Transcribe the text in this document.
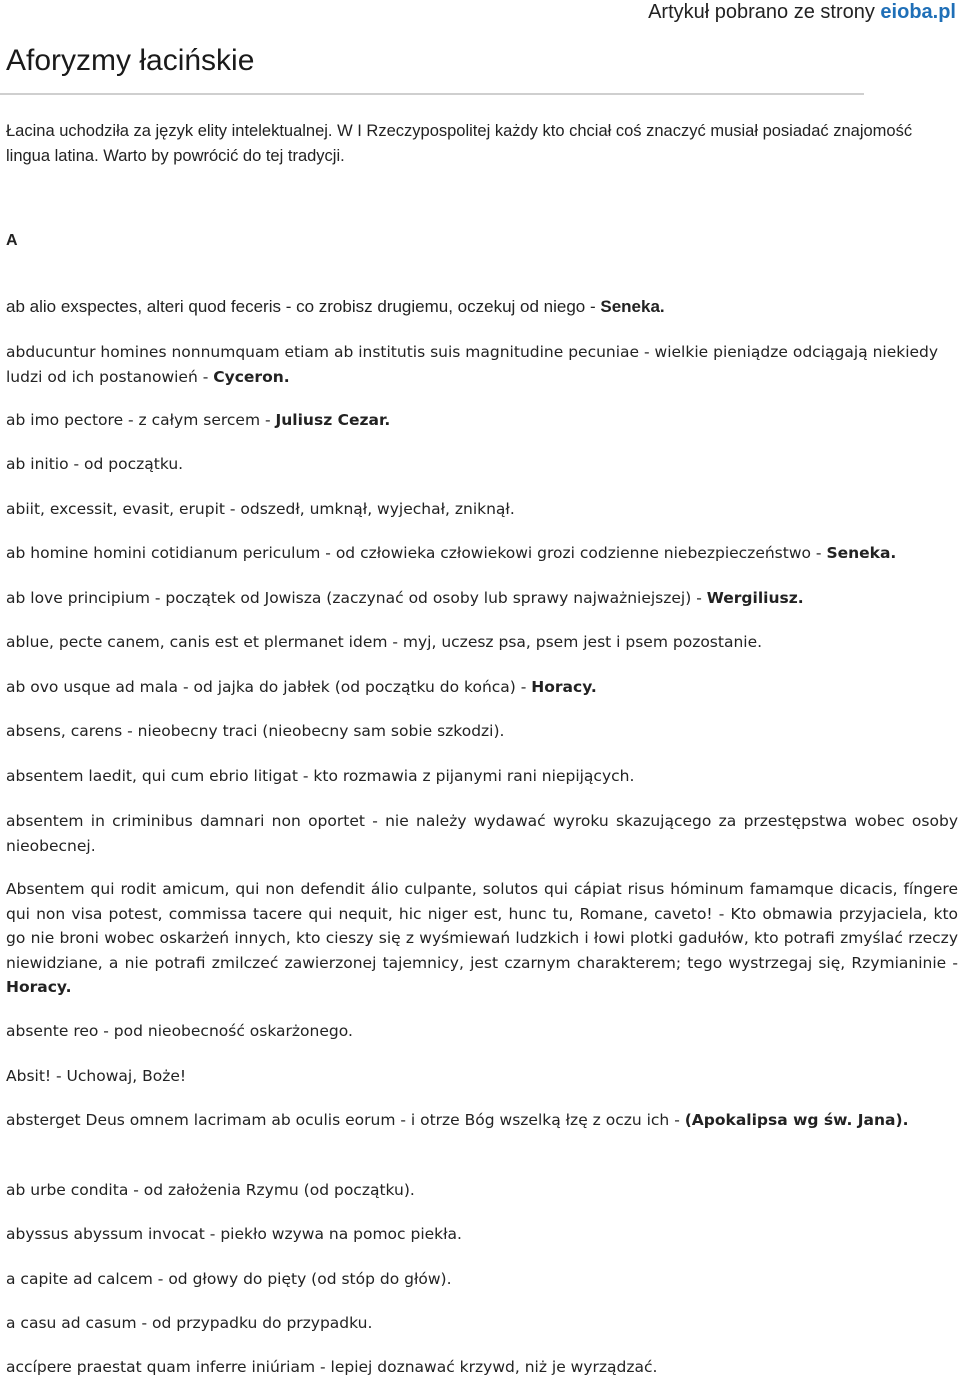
Artykuł pobrano ze strony eioba.pl
Aforyzmy łacińskie

Łacina uchodziła za język elity intelektualnej. W I Rzeczypospolitej każdy kto chciał coś znaczyć musiał posiadać znajomość lingua latina. Warto by powrócić do tej tradycji.

A

ab alio exspectes, alteri quod feceris - co zrobisz drugiemu, oczekuj od niego - Seneka.

abducuntur homines nonnumquam etiam ab institutis suis magnitudine pecuniae - wielkie pieniądze odciągają niekiedy ludzi od ich postanowień - Cyceron.

ab imo pectore - z całym sercem - Juliusz Cezar.

ab initio - od początku.

abiit, excessit, evasit, erupit - odszedł, umknął, wyjechał, zniknął.

ab homine homini cotidianum periculum - od człowieka człowiekowi grozi codzienne niebezpieczeństwo - Seneka.

ab love principium - początek od Jowisza (zaczynać od osoby lub sprawy najważniejszej) - Wergiliusz.

ablue, pecte canem, canis est et plermanet idem - myj, uczesz psa, psem jest i psem pozostanie.

ab ovo usque ad mala - od jajka do jabłek (od początku do końca) - Horacy.

absens, carens - nieobecny traci (nieobecny sam sobie szkodzi).

absentem laedit, qui cum ebrio litigat - kto rozmawia z pijanymi rani niepijących.

absentem in criminibus damnari non oportet - nie należy wydawać wyroku skazującego za przestępstwa wobec osoby nieobecnej.

Absentem qui rodit amicum, qui non defendit álio culpante, solutos qui cápiat risus hóminum famamque dicacis, fíngere qui non visa potest, commissa tacere qui nequit, hic niger est, hunc tu, Romane, caveto! - Kto obmawia przyjaciela, kto go nie broni wobec oskarżeń innych, kto cieszy się z wyśmiewań ludzkich i łowi plotki gadułów, kto potrafi zmyślać rzeczy niewidziane, a nie potrafi zmilczeć zawierzonej tajemnicy, jest czarnym charakterem; tego wystrzegaj się, Rzymianinie - Horacy.

absente reo - pod nieobecność oskarżonego.

Absit! - Uchowaj, Boże!

absterget Deus omnem lacrimam ab oculis eorum - i otrze Bóg wszelką łzę z oczu ich - (Apokalipsa wg św. Jana).

ab urbe condita - od założenia Rzymu (od początku).

abyssus abyssum invocat - piekło wzywa na pomoc piekła.

a capite ad calcem - od głowy do pięty (od stóp do głów).

a casu ad casum - od przypadku do przypadku.

accípere praestat quam inferre iniúriam - lepiej doznawać krzywd, niż je wyrządzać.
